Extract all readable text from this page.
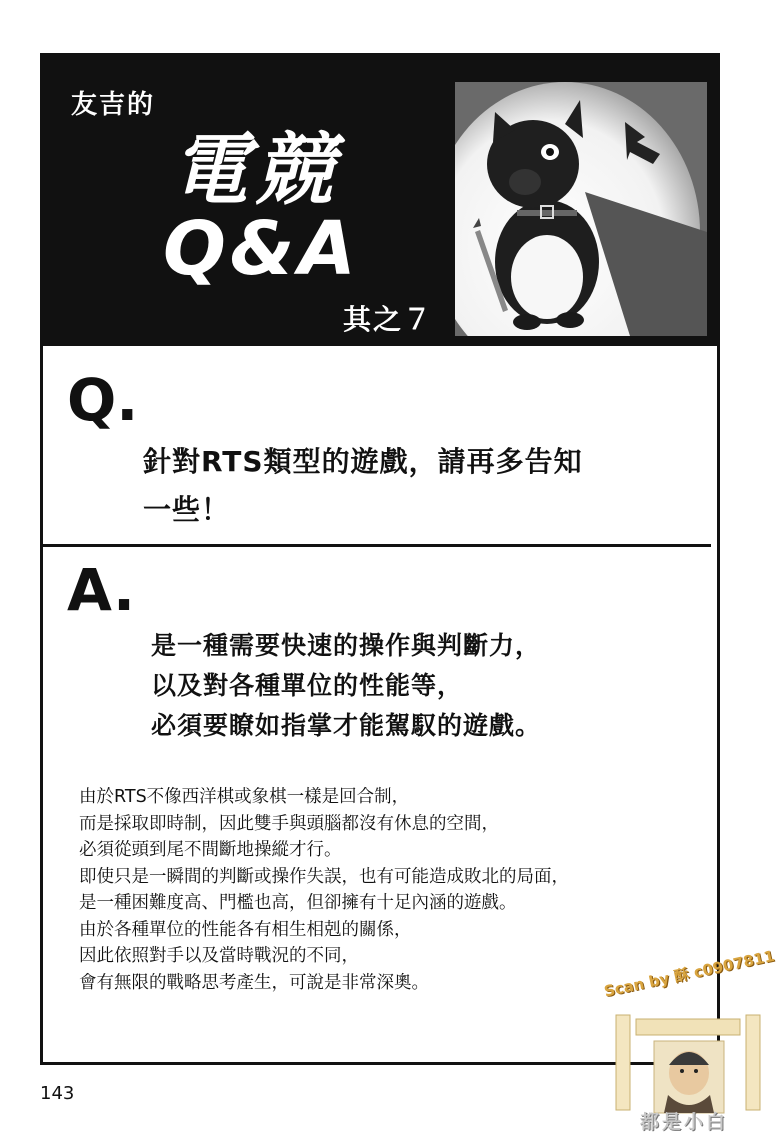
友吉的
電競
Q&A
其之７
Q.
針對RTS類型的遊戲，請再多告知
一些！
A.
是一種需要快速的操作與判斷力，
以及對各種單位的性能等，
必須要瞭如指掌才能駕馭的遊戲。
由於RTS不像西洋棋或象棋一樣是回合制，
而是採取即時制，因此雙手與頭腦都沒有休息的空間，
必須從頭到尾不間斷地操縱才行。
即使只是一瞬間的判斷或操作失誤，也有可能造成敗北的局面，
是一種困難度高、門檻也高，但卻擁有十足內涵的遊戲。
由於各種單位的性能各有相生相剋的關係，
因此依照對手以及當時戰況的不同，
會有無限的戰略思考產生，可說是非常深奧。
143
Scan by 酥 c0907811
都是小白
